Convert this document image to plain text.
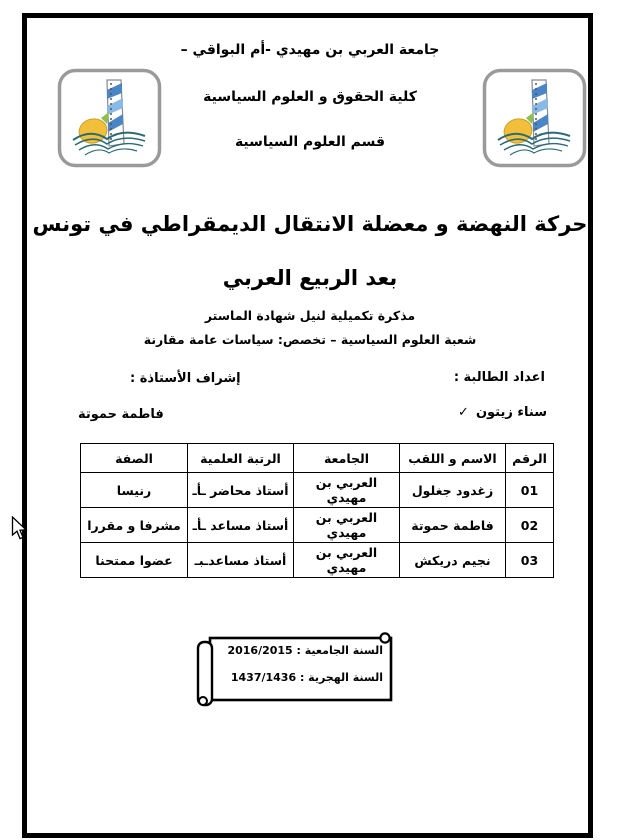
جامعة العربي بن مهيدي -أم البواقي –
كلية الحقوق و العلوم السياسية
قسم العلوم السياسية
حركة النهضة و معضلة الانتقال الديمقراطي في تونس
بعد الربيع العربي
مذكرة تكميلية لنيل شهادة الماستر
شعبة العلوم السياسية – تخصص: سياسات عامة مقارنة
اعداد الطالبة :
إشراف الأستاذة :
✓ سناء زيتون
فاطمة حموتة
الرقم	الاسم و اللقب	الجامعة	الرتبة العلمية	الصفة
01	زغدود جغلول	العربي بن مهيدي	أستاذ محاضر ـأـ	رنيسا
02	فاطمة حموتة	العربي بن مهيدي	أستاذ مساعد ـأـ	مشرفا و مقررا
03	نجيم دريكش	العربي بن مهيدي	أستاذ مساعدـبـ	عضوا ممتحنا
السنة الجامعية : 2016/2015
السنة الهجرية : 1437/1436
